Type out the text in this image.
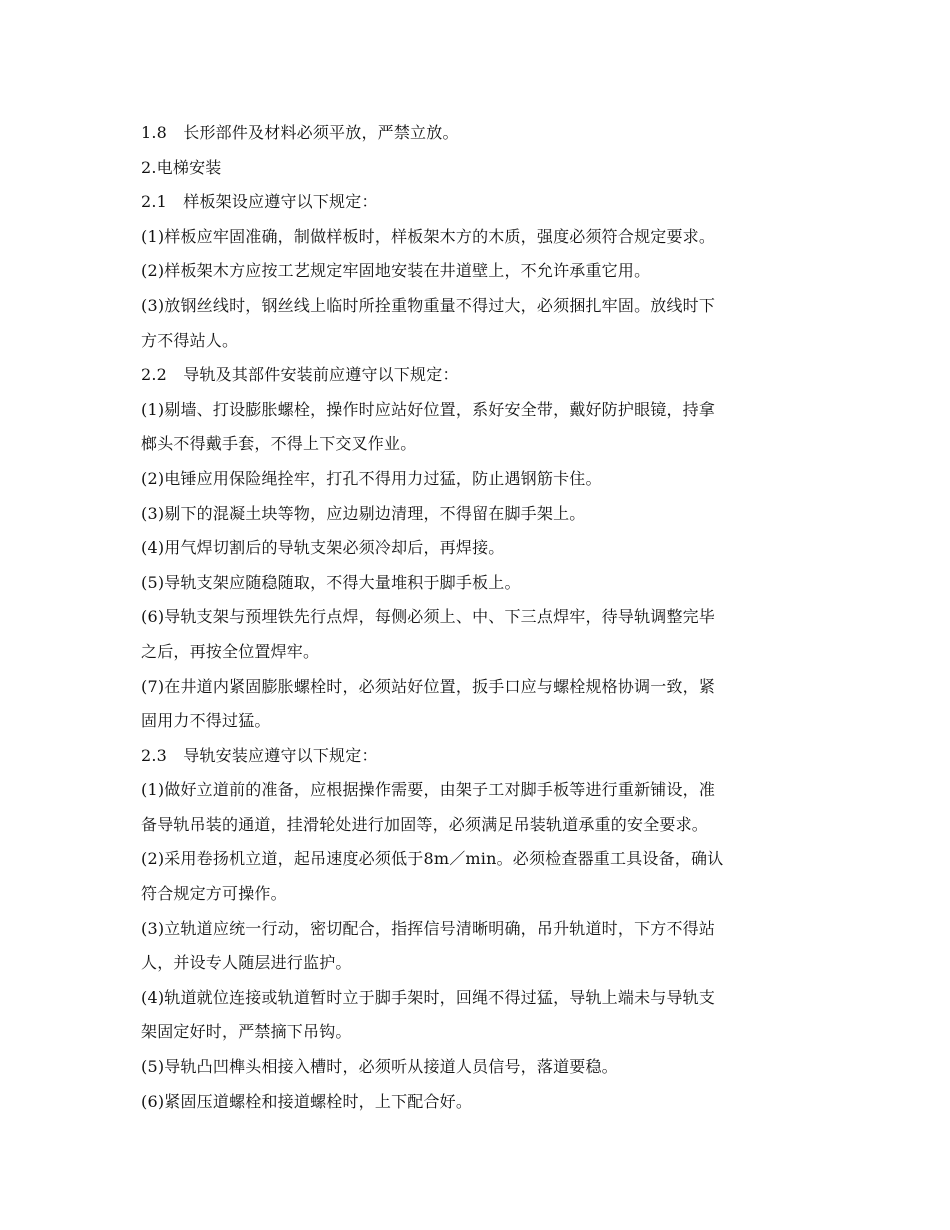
1.8　长形部件及材料必须平放，严禁立放。
2.电梯安装
2.1　样板架设应遵守以下规定：
(1)样板应牢固准确，制做样板时，样板架木方的木质，强度必须符合规定要求。
(2)样板架木方应按工艺规定牢固地安装在井道壁上，不允许承重它用。
(3)放钢丝线时，钢丝线上临时所拴重物重量不得过大，必须捆扎牢固。放线时下
方不得站人。
2.2　导轨及其部件安装前应遵守以下规定：
(1)剔墙、打设膨胀螺栓，操作时应站好位置，系好安全带，戴好防护眼镜，持拿
榔头不得戴手套，不得上下交叉作业。
(2)电锤应用保险绳拴牢，打孔不得用力过猛，防止遇钢筋卡住。
(3)剔下的混凝土块等物，应边剔边清理，不得留在脚手架上。
(4)用气焊切割后的导轨支架必须冷却后，再焊接。
(5)导轨支架应随稳随取，不得大量堆积于脚手板上。
(6)导轨支架与预埋铁先行点焊，每侧必须上、中、下三点焊牢，待导轨调整完毕
之后，再按全位置焊牢。
(7)在井道内紧固膨胀螺栓时，必须站好位置，扳手口应与螺栓规格协调一致，紧
固用力不得过猛。
2.3　导轨安装应遵守以下规定：
(1)做好立道前的准备，应根据操作需要，由架子工对脚手板等进行重新铺设，准
备导轨吊装的通道，挂滑轮处进行加固等，必须满足吊装轨道承重的安全要求。
(2)采用卷扬机立道，起吊速度必须低于8m／min。必须检查器重工具设备，确认
符合规定方可操作。
(3)立轨道应统一行动，密切配合，指挥信号清晰明确，吊升轨道时，下方不得站
人，并设专人随层进行监护。
(4)轨道就位连接或轨道暂时立于脚手架时，回绳不得过猛，导轨上端未与导轨支
架固定好时，严禁摘下吊钩。
(5)导轨凸凹榫头相接入槽时，必须听从接道人员信号，落道要稳。
(6)紧固压道螺栓和接道螺栓时，上下配合好。
